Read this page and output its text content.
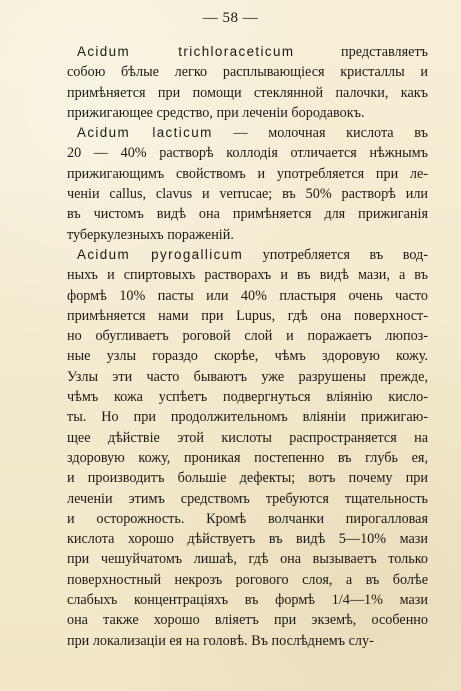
— 58 —
Acidum trichloraceticum представляетъ
собою бѣлые легко расплывающіеся кристаллы и
примѣняется при помощи стеклянной палочки, какъ
прижигающее средство, при леченіи бородавокъ.
Acidum lacticum — молочная кислота въ
20 — 40% растворѣ коллодія отличается нѣжнымъ
прижигающимъ свойствомъ и употребляется при ле-
ченіи callus, clavus и verrucae; въ 50% растворѣ или
въ чистомъ видѣ она примѣняется для прижиганія
туберкулезныхъ пораженій.
Acidum pyrogallicum употребляется въ вод-
ныхъ и спиртовыхъ растворахъ и въ видѣ мази, а въ
формѣ 10% пасты или 40% пластыря очень часто
примѣняется нами при Lupus, гдѣ она поверхност-
но обугливаетъ роговой слой и поражаетъ люпоз-
ные узлы гораздо скорѣе, чѣмъ здоровую кожу.
Узлы эти часто бываютъ уже разрушены прежде,
чѣмъ кожа успѣетъ подвергнуться вліянію кисло-
ты. Но при продолжительномъ вліяніи прижигаю-
щее дѣйствіе этой кислоты распространяется на
здоровую кожу, проникая постепенно въ глубь ея,
и производитъ большіе дефекты; вотъ почему при
леченіи этимъ средствомъ требуются тщательность
и осторожность. Кромѣ волчанки пирогалловая
кислота хорошо дѣйствуетъ въ видѣ 5—10% мази
при чешуйчатомъ лишаѣ, гдѣ она вызываетъ только
поверхностный некрозъ рогового слоя, а въ болѣе
слабыхъ концентраціяхъ въ формѣ 1/4—1% мази
она также хорошо вліяетъ при экземѣ, особенно
при локализаціи ея на головѣ. Въ послѣднемъ слу-
